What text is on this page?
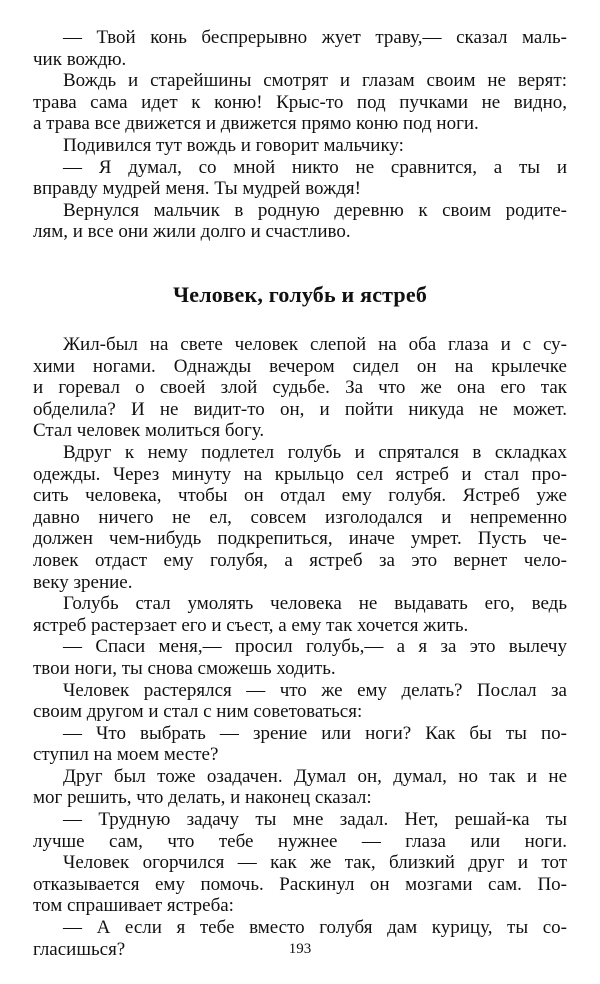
— Твой конь беспрерывно жует траву,— сказал маль-
чик вождю.
Вождь и старейшины смотрят и глазам своим не верят:
трава сама идет к коню! Крыс-то под пучками не видно,
а трава все движется и движется прямо коню под ноги.
Подивился тут вождь и говорит мальчику:
— Я думал, со мной никто не сравнится, а ты и
вправду мудрей меня. Ты мудрей вождя!
Вернулся мальчик в родную деревню к своим родите-
лям, и все они жили долго и счастливо.
Человек, голубь и ястреб
Жил-был на свете человек слепой на оба глаза и с су-
хими ногами. Однажды вечером сидел он на крылечке
и горевал о своей злой судьбе. За что же она его так
обделила? И не видит-то он, и пойти никуда не может.
Стал человек молиться богу.
Вдруг к нему подлетел голубь и спрятался в складках
одежды. Через минуту на крыльцо сел ястреб и стал про-
сить человека, чтобы он отдал ему голубя. Ястреб уже
давно ничего не ел, совсем изголодался и непременно
должен чем-нибудь подкрепиться, иначе умрет. Пусть че-
ловек отдаст ему голубя, а ястреб за это вернет чело-
веку зрение.
Голубь стал умолять человека не выдавать его, ведь
ястреб растерзает его и съест, а ему так хочется жить.
— Спаси меня,— просил голубь,— а я за это вылечу
твои ноги, ты снова сможешь ходить.
Человек растерялся — что же ему делать? Послал за
своим другом и стал с ним советоваться:
— Что выбрать — зрение или ноги? Как бы ты по-
ступил на моем месте?
Друг был тоже озадачен. Думал он, думал, но так и не
мог решить, что делать, и наконец сказал:
— Трудную задачу ты мне задал. Нет, решай-ка ты
лучше сам, что тебе нужнее — глаза или ноги.
Человек огорчился — как же так, близкий друг и тот
отказывается ему помочь. Раскинул он мозгами сам. По-
том спрашивает ястреба:
— А если я тебе вместо голубя дам курицу, ты со-
гласишься?	193
